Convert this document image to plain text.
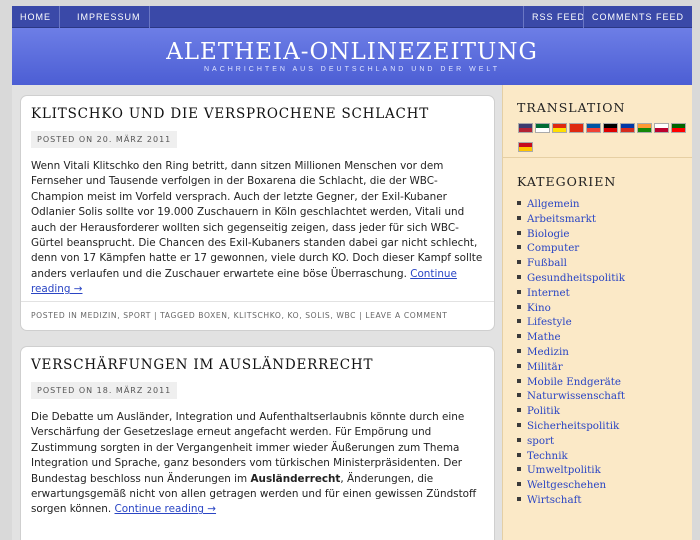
HOME	IMPRESSUM	RSS FEED COMMENTS FEED
ALETHEIA-ONLINEZEITUNG
NACHRICHTEN AUS DEUTSCHLAND UND DER WELT
KLITSCHKO UND DIE VERSPROCHENE SCHLACHT
POSTED ON 20. MÄRZ 2011
Wenn Vitali Klitschko den Ring betritt, dann sitzen Millionen Menschen vor dem Fernseher und Tausende verfolgen in der Boxarena die Schlacht, die der WBC-Champion meist im Vorfeld versprach. Auch der letzte Gegner, der Exil-Kubaner Odlanier Solis sollte vor 19.000 Zuschauern in Köln geschlachtet werden, Vitali und auch der Herausforderer wollten sich gegenseitig zeigen, dass jeder für sich WBC-Gürtel beansprucht. Die Chancen des Exil-Kubaners standen dabei gar nicht schlecht, denn von 17 Kämpfen hatte er 17 gewonnen, viele durch KO. Doch dieser Kampf sollte anders verlaufen und die Zuschauer erwartete eine böse Überraschung. Continue reading →
POSTED IN MEDIZIN, SPORT | TAGGED BOXEN, KLITSCHKO, KO, SOLIS, WBC | LEAVE A COMMENT
VERSCHÄRFUNGEN IM AUSLÄNDERRECHT
POSTED ON 18. MÄRZ 2011
Die Debatte um Ausländer, Integration und Aufenthaltserlaubnis könnte durch eine Verschärfung der Gesetzeslage erneut angefacht werden. Für Empörung und Zustimmung sorgten in der Vergangenheit immer wieder Äußerungen zum Thema Integration und Sprache, ganz besonders vom türkischen Ministerpräsidenten. Der Bundestag beschloss nun Änderungen im Ausländerrecht, Änderungen, die erwartungsgemäß nicht von allen getragen werden und für einen gewissen Zündstoff sorgen können. Continue reading →
TRANSLATION
KATEGORIEN
Allgemein
Arbeitsmarkt
Biologie
Computer
Fußball
Gesundheitspolitik
Internet
Kino
Lifestyle
Mathe
Medizin
Militär
Mobile Endgeräte
Naturwissenschaft
Politik
Sicherheitspolitik
sport
Technik
Umweltpolitik
Weltgeschehen
Wirtschaft
